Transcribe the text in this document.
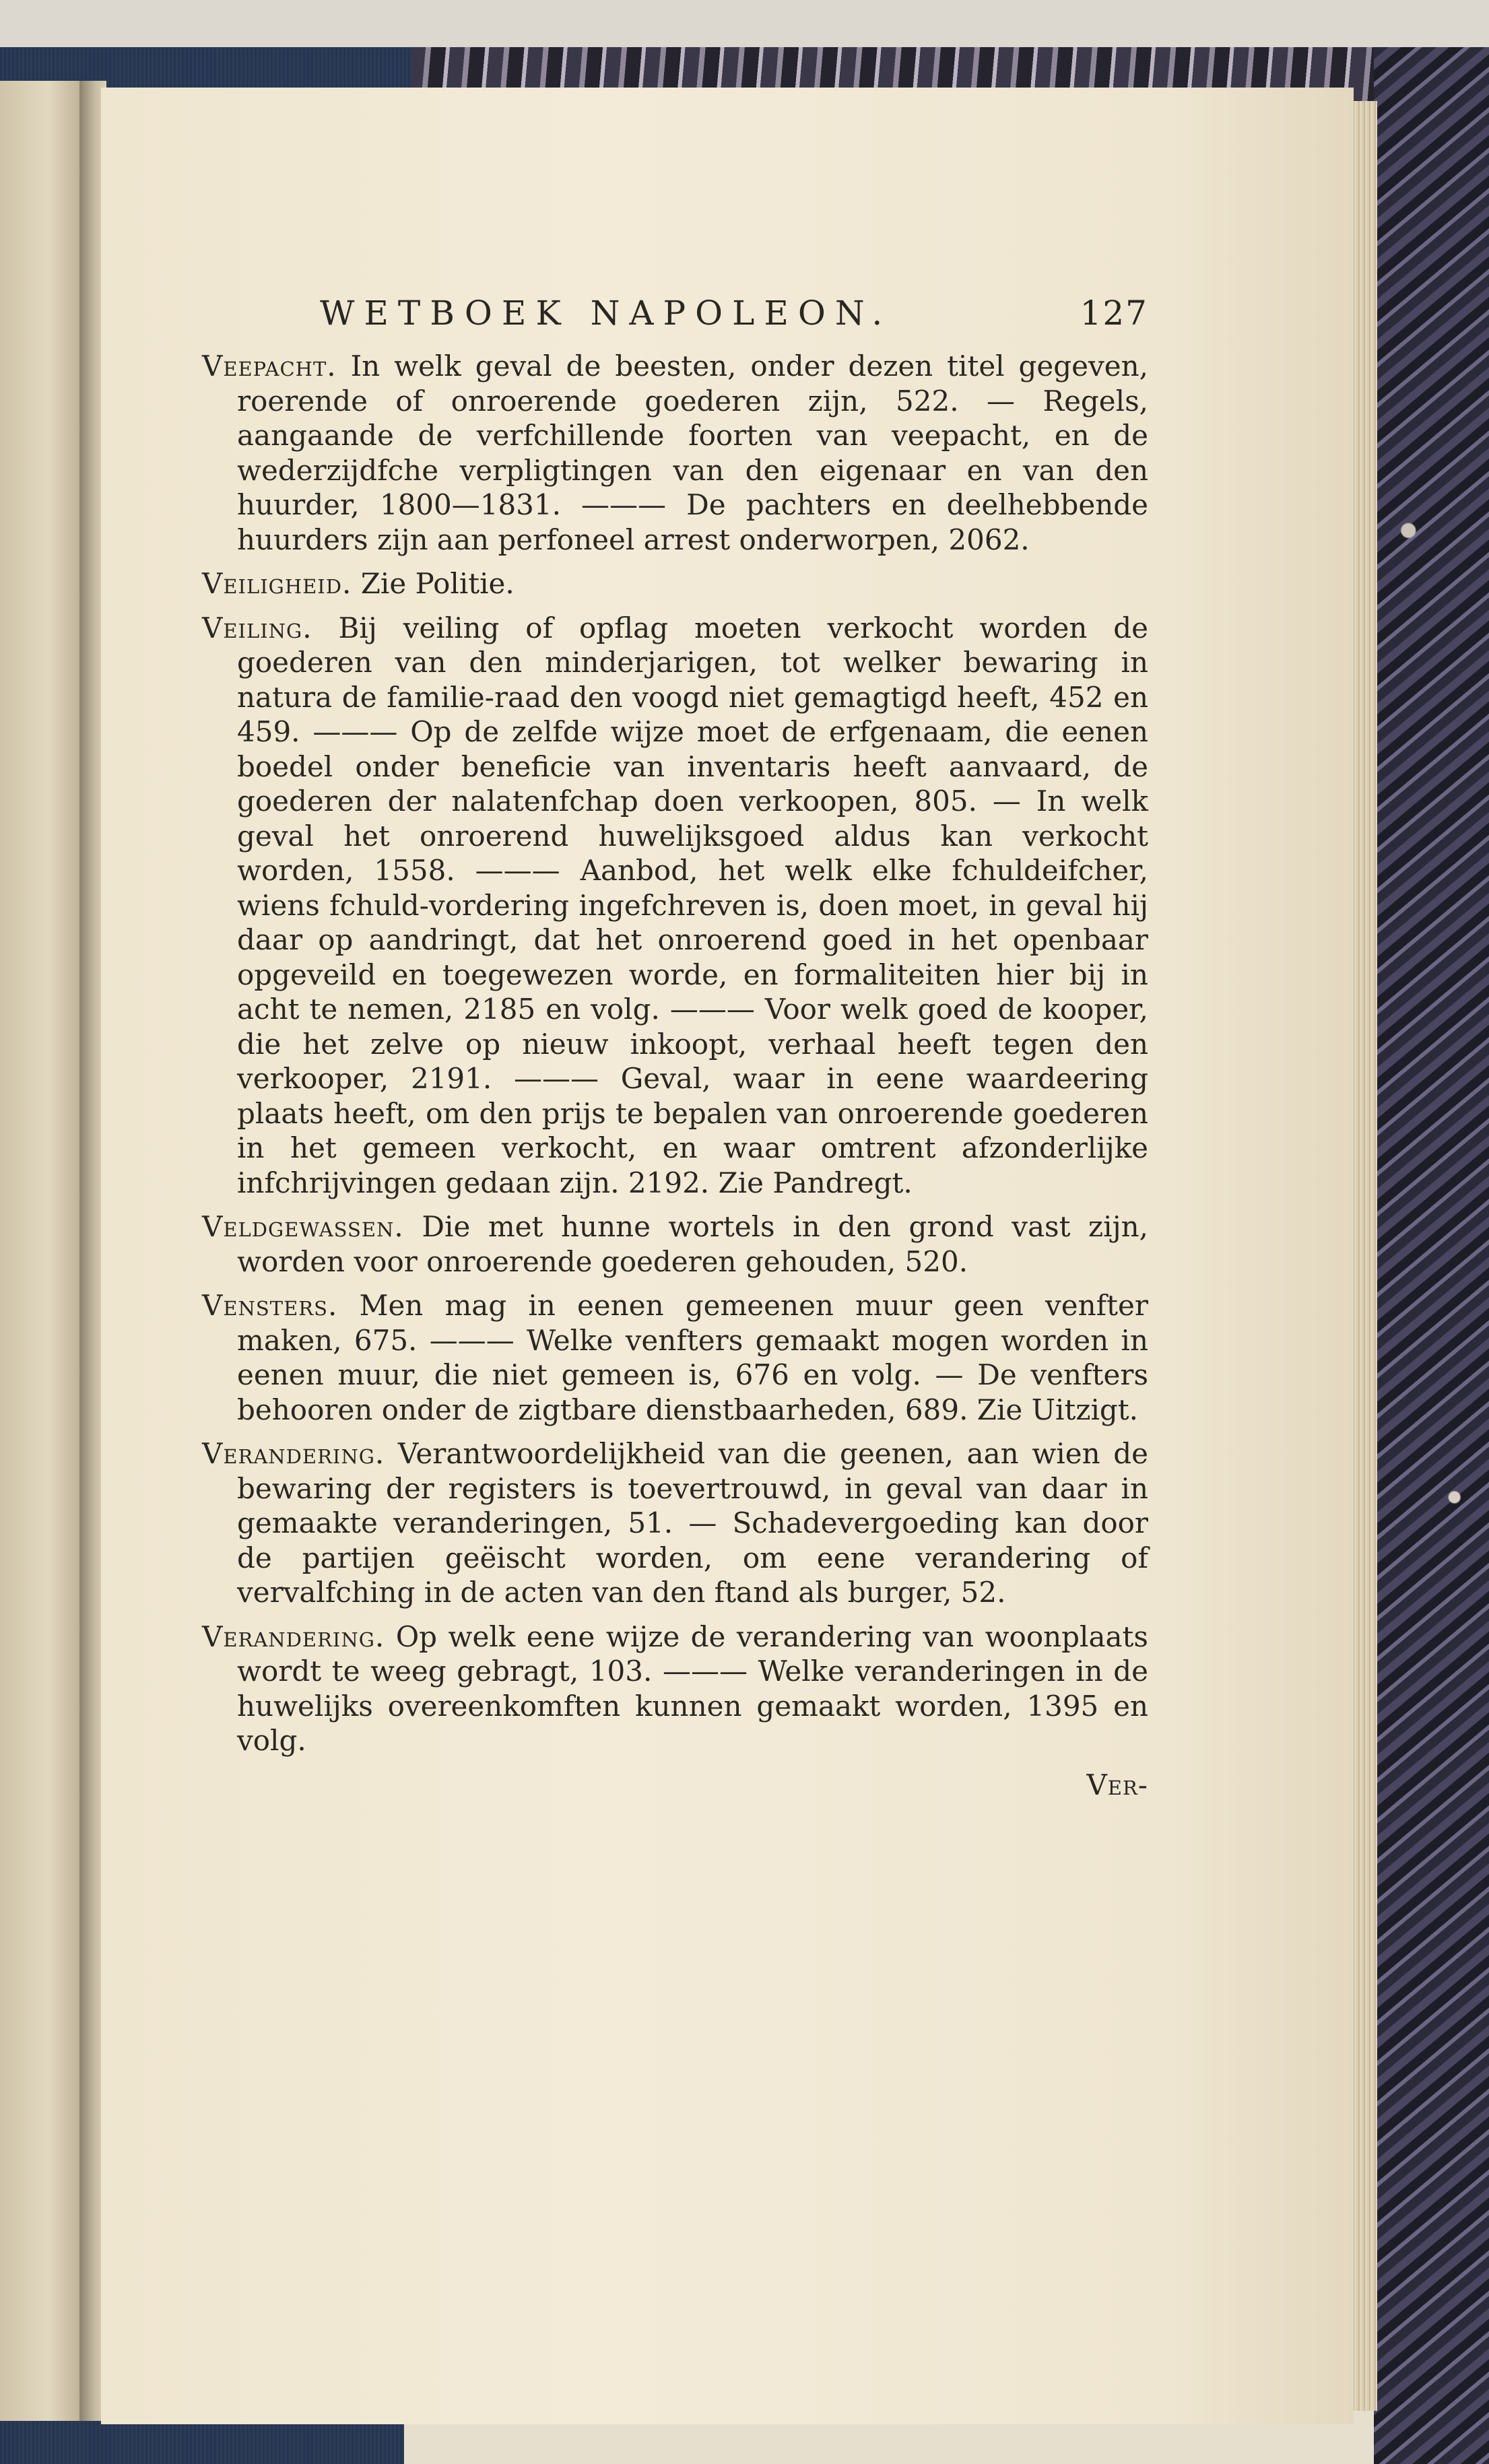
WETBOEK NAPOLEON.	127

Veepacht. In welk geval de beesten, onder dezen titel gegeven, roerende of onroerende goederen zijn, 522. — Regels, aangaande de verfchillende foorten van veepacht, en de wederzijdfche verpligtingen van den eigenaar en van den huurder, 1800—1831. ——— De pachters en deelhebbende huurders zijn aan perfoneel arrest onderworpen, 2062.

Veiligheid. Zie Politie.

Veiling. Bij veiling of opflag moeten verkocht worden de goederen van den minderjarigen, tot welker bewaring in natura de familie-raad den voogd niet gemagtigd heeft, 452 en 459. ——— Op de zelfde wijze moet de erfgenaam, die eenen boedel onder beneficie van inventaris heeft aanvaard, de goederen der nalatenfchap doen verkoopen, 805. — In welk geval het onroerend huwelijksgoed aldus kan verkocht worden, 1558. ——— Aanbod, het welk elke fchuldeifcher, wiens fchuld-vordering ingefchreven is, doen moet, in geval hij daar op aandringt, dat het onroerend goed in het openbaar opgeveild en toegewezen worde, en formaliteiten hier bij in acht te nemen, 2185 en volg. ——— Voor welk goed de kooper, die het zelve op nieuw inkoopt, verhaal heeft tegen den verkooper, 2191. ——— Geval, waar in eene waardeering plaats heeft, om den prijs te bepalen van onroerende goederen in het gemeen verkocht, en waar omtrent afzonderlijke infchrijvingen gedaan zijn. 2192. Zie Pandregt.

Veldgewassen. Die met hunne wortels in den grond vast zijn, worden voor onroerende goederen gehouden, 520.

Vensters. Men mag in eenen gemeenen muur geen venfter maken, 675. ——— Welke venfters gemaakt mogen worden in eenen muur, die niet gemeen is, 676 en volg. — De venfters behooren onder de zigtbare dienstbaarheden, 689. Zie Uitzigt.

Verandering. Verantwoordelijkheid van die geenen, aan wien de bewaring der registers is toevertrouwd, in geval van daar in gemaakte veranderingen, 51. — Schadevergoeding kan door de partijen geëischt worden, om eene verandering of vervalfching in de acten van den ftand als burger, 52.

Verandering. Op welk eene wijze de verandering van woonplaats wordt te weeg gebragt, 103. ——— Welke veranderingen in de huwelijks overeenkomften kunnen gemaakt worden, 1395 en volg.

Ver-
